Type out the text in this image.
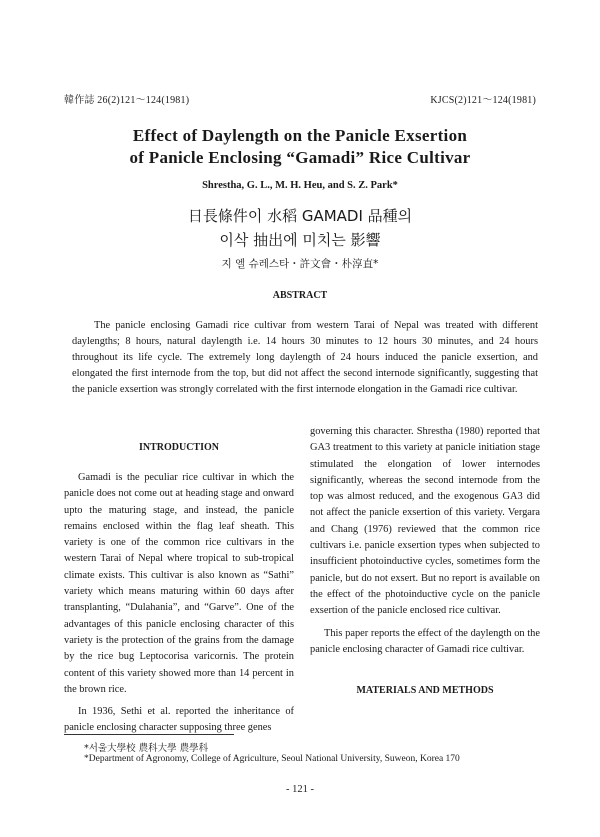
韓作誌 26(2)121～124(1981)	KJCS(2)121～124(1981)
Effect of Daylength on the Panicle Exsertion
of Panicle Enclosing “Gamadi” Rice Cultivar
Shrestha, G. L., M. H. Heu, and S. Z. Park*
日長條件이 水稻 GAMADI 品種의
이삭 抽出에 미치는 影響
지 엘 슈레스타・許文會・朴淳直*
ABSTRACT
The panicle enclosing Gamadi rice cultivar from western Tarai of Nepal was treated with different daylengths; 8 hours, natural daylength i.e. 14 hours 30 minutes to 12 hours 30 minutes, and 24 hours throughout its life cycle. The extremely long daylength of 24 hours induced the panicle exsertion, and elongated the first internode from the top, but did not affect the second internode significantly, suggesting that the panicle exsertion was strongly correlated with the first internode elongation in the Gamadi rice cultivar.
INTRODUCTION

Gamadi is the peculiar rice cultivar in which the panicle does not come out at heading stage and onward upto the maturing stage, and instead, the panicle remains enclosed within the flag leaf sheath. This variety is one of the common rice cultivars in the western Tarai of Nepal where tropical to sub-tropical climate exists. This cultivar is also known as “Sathi” variety which means maturing within 60 days after transplanting, “Dulahania”, and “Garve”. One of the advantages of this panicle enclosing character of this variety is the protection of the grains from the damage by the rice bug Leptocorisa varicornis. The protein content of this variety showed more than 14 percent in the brown rice.

In 1936, Sethi et al. reported the inheritance of panicle enclosing character supposing three genes

governing this character. Shrestha (1980) reported that GA3 treatment to this variety at panicle initiation stage stimulated the elongation of lower internodes significantly, whereas the second internode from the top was almost reduced, and the exogenous GA3 did not affect the panicle exsertion of this variety. Vergara and Chang (1976) reviewed that the common rice cultivars i.e. panicle exsertion types when subjected to insufficient photoinductive cycles, sometimes form the panicle, but do not exsert. But no report is available on the effect of the photoinductive cycle on the panicle exsertion of the panicle enclosed rice cultivar.

This paper reports the effect of the daylength on the panicle enclosing character of Gamadi rice cultivar.

MATERIALS AND METHODS
*서울大學校 農科大學 農學科
*Department of Agronomy, College of Agriculture, Seoul National University, Suweon, Korea 170
- 121 -
